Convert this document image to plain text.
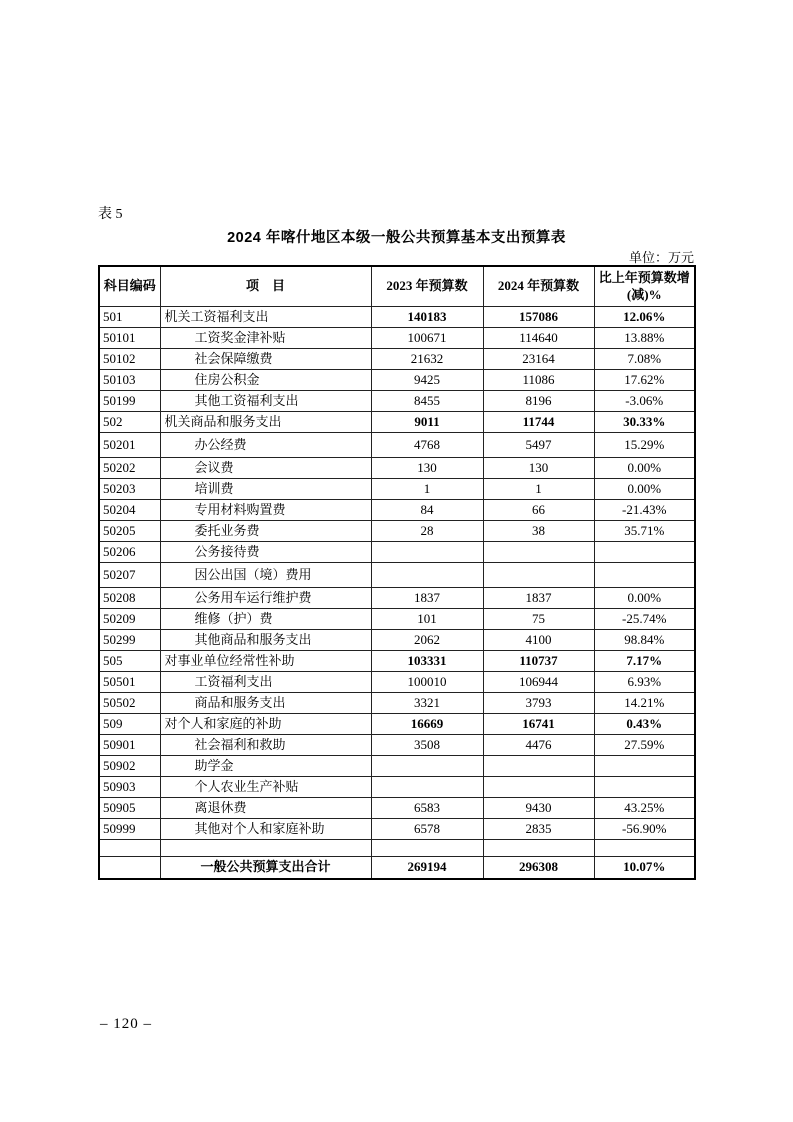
表 5
2024 年喀什地区本级一般公共预算基本支出预算表
单位：万元
科目编码	项　目	2023 年预算数	2024 年预算数	比上年预算数增(减)%
501	机关工资福利支出	140183	157086	12.06%
50101	工资奖金津补贴	100671	114640	13.88%
50102	社会保障缴费	21632	23164	7.08%
50103	住房公积金	9425	11086	17.62%
50199	其他工资福利支出	8455	8196	-3.06%
502	机关商品和服务支出	9011	11744	30.33%
50201	办公经费	4768	5497	15.29%
50202	会议费	130	130	0.00%
50203	培训费	1	1	0.00%
50204	专用材料购置费	84	66	-21.43%
50205	委托业务费	28	38	35.71%
50206	公务接待费			
50207	因公出国（境）费用			
50208	公务用车运行维护费	1837	1837	0.00%
50209	维修（护）费	101	75	-25.74%
50299	其他商品和服务支出	2062	4100	98.84%
505	对事业单位经常性补助	103331	110737	7.17%
50501	工资福利支出	100010	106944	6.93%
50502	商品和服务支出	3321	3793	14.21%
509	对个人和家庭的补助	16669	16741	0.43%
50901	社会福利和救助	3508	4476	27.59%
50902	助学金			
50903	个人农业生产补贴			
50905	离退休费	6583	9430	43.25%
50999	其他对个人和家庭补助	6578	2835	-56.90%

	一般公共预算支出合计	269194	296308	10.07%
– 120 –
